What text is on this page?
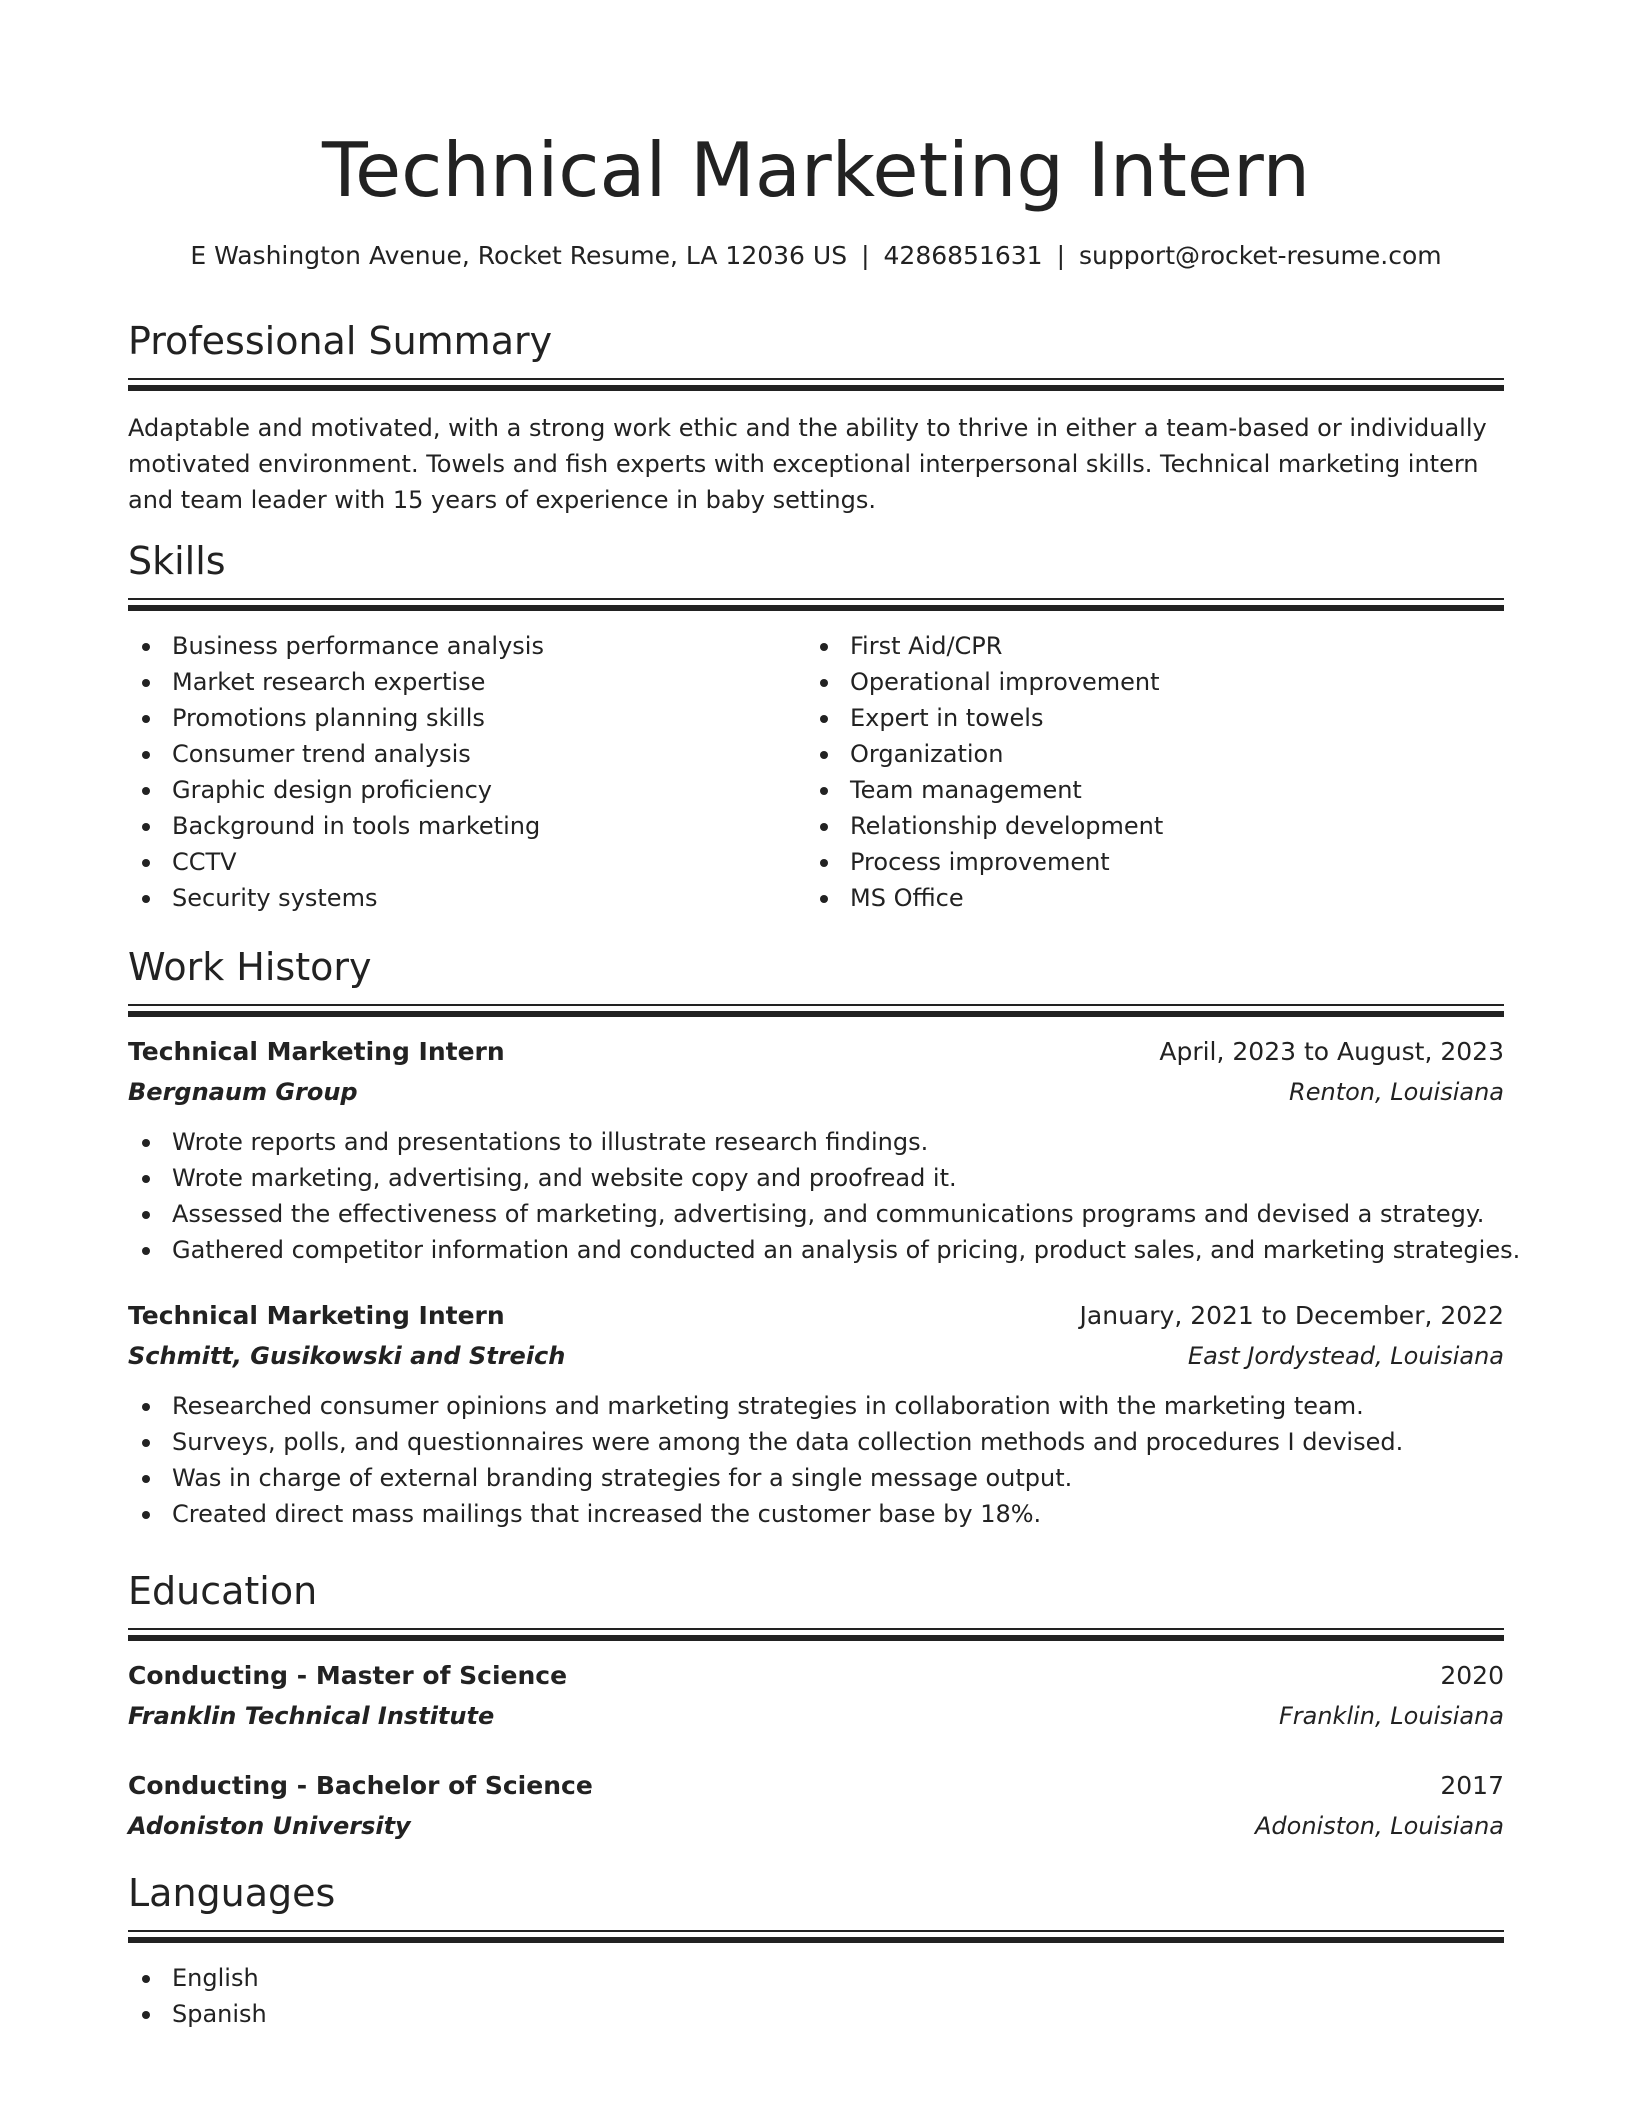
Technical Marketing Intern
E Washington Avenue, Rocket Resume, LA 12036 US | 4286851631 | support@rocket-resume.com
Professional Summary

Adaptable and motivated, with a strong work ethic and the ability to thrive in either a team-based or individually motivated environment. Towels and fish experts with exceptional interpersonal skills. Technical marketing intern and team leader with 15 years of experience in baby settings.

Skills
Business performance analysis
Market research expertise
Promotions planning skills
Consumer trend analysis
Graphic design proficiency
Background in tools marketing
CCTV
Security systems
First Aid/CPR
Operational improvement
Expert in towels
Organization
Team management
Relationship development
Process improvement
MS Office
Work History
Technical Marketing Intern	April, 2023 to August, 2023
Bergnaum Group	Renton, Louisiana
Wrote reports and presentations to illustrate research findings.
Wrote marketing, advertising, and website copy and proofread it.
Assessed the effectiveness of marketing, advertising, and communications programs and devised a strategy.
Gathered competitor information and conducted an analysis of pricing, product sales, and marketing strategies.
Technical Marketing Intern	January, 2021 to December, 2022
Schmitt, Gusikowski and Streich	East Jordystead, Louisiana
Researched consumer opinions and marketing strategies in collaboration with the marketing team.
Surveys, polls, and questionnaires were among the data collection methods and procedures I devised.
Was in charge of external branding strategies for a single message output.
Created direct mass mailings that increased the customer base by 18%.
Education
Conducting - Master of Science	2020
Franklin Technical Institute	Franklin, Louisiana
Conducting - Bachelor of Science	2017
Adoniston University	Adoniston, Louisiana
Languages
English
Spanish
